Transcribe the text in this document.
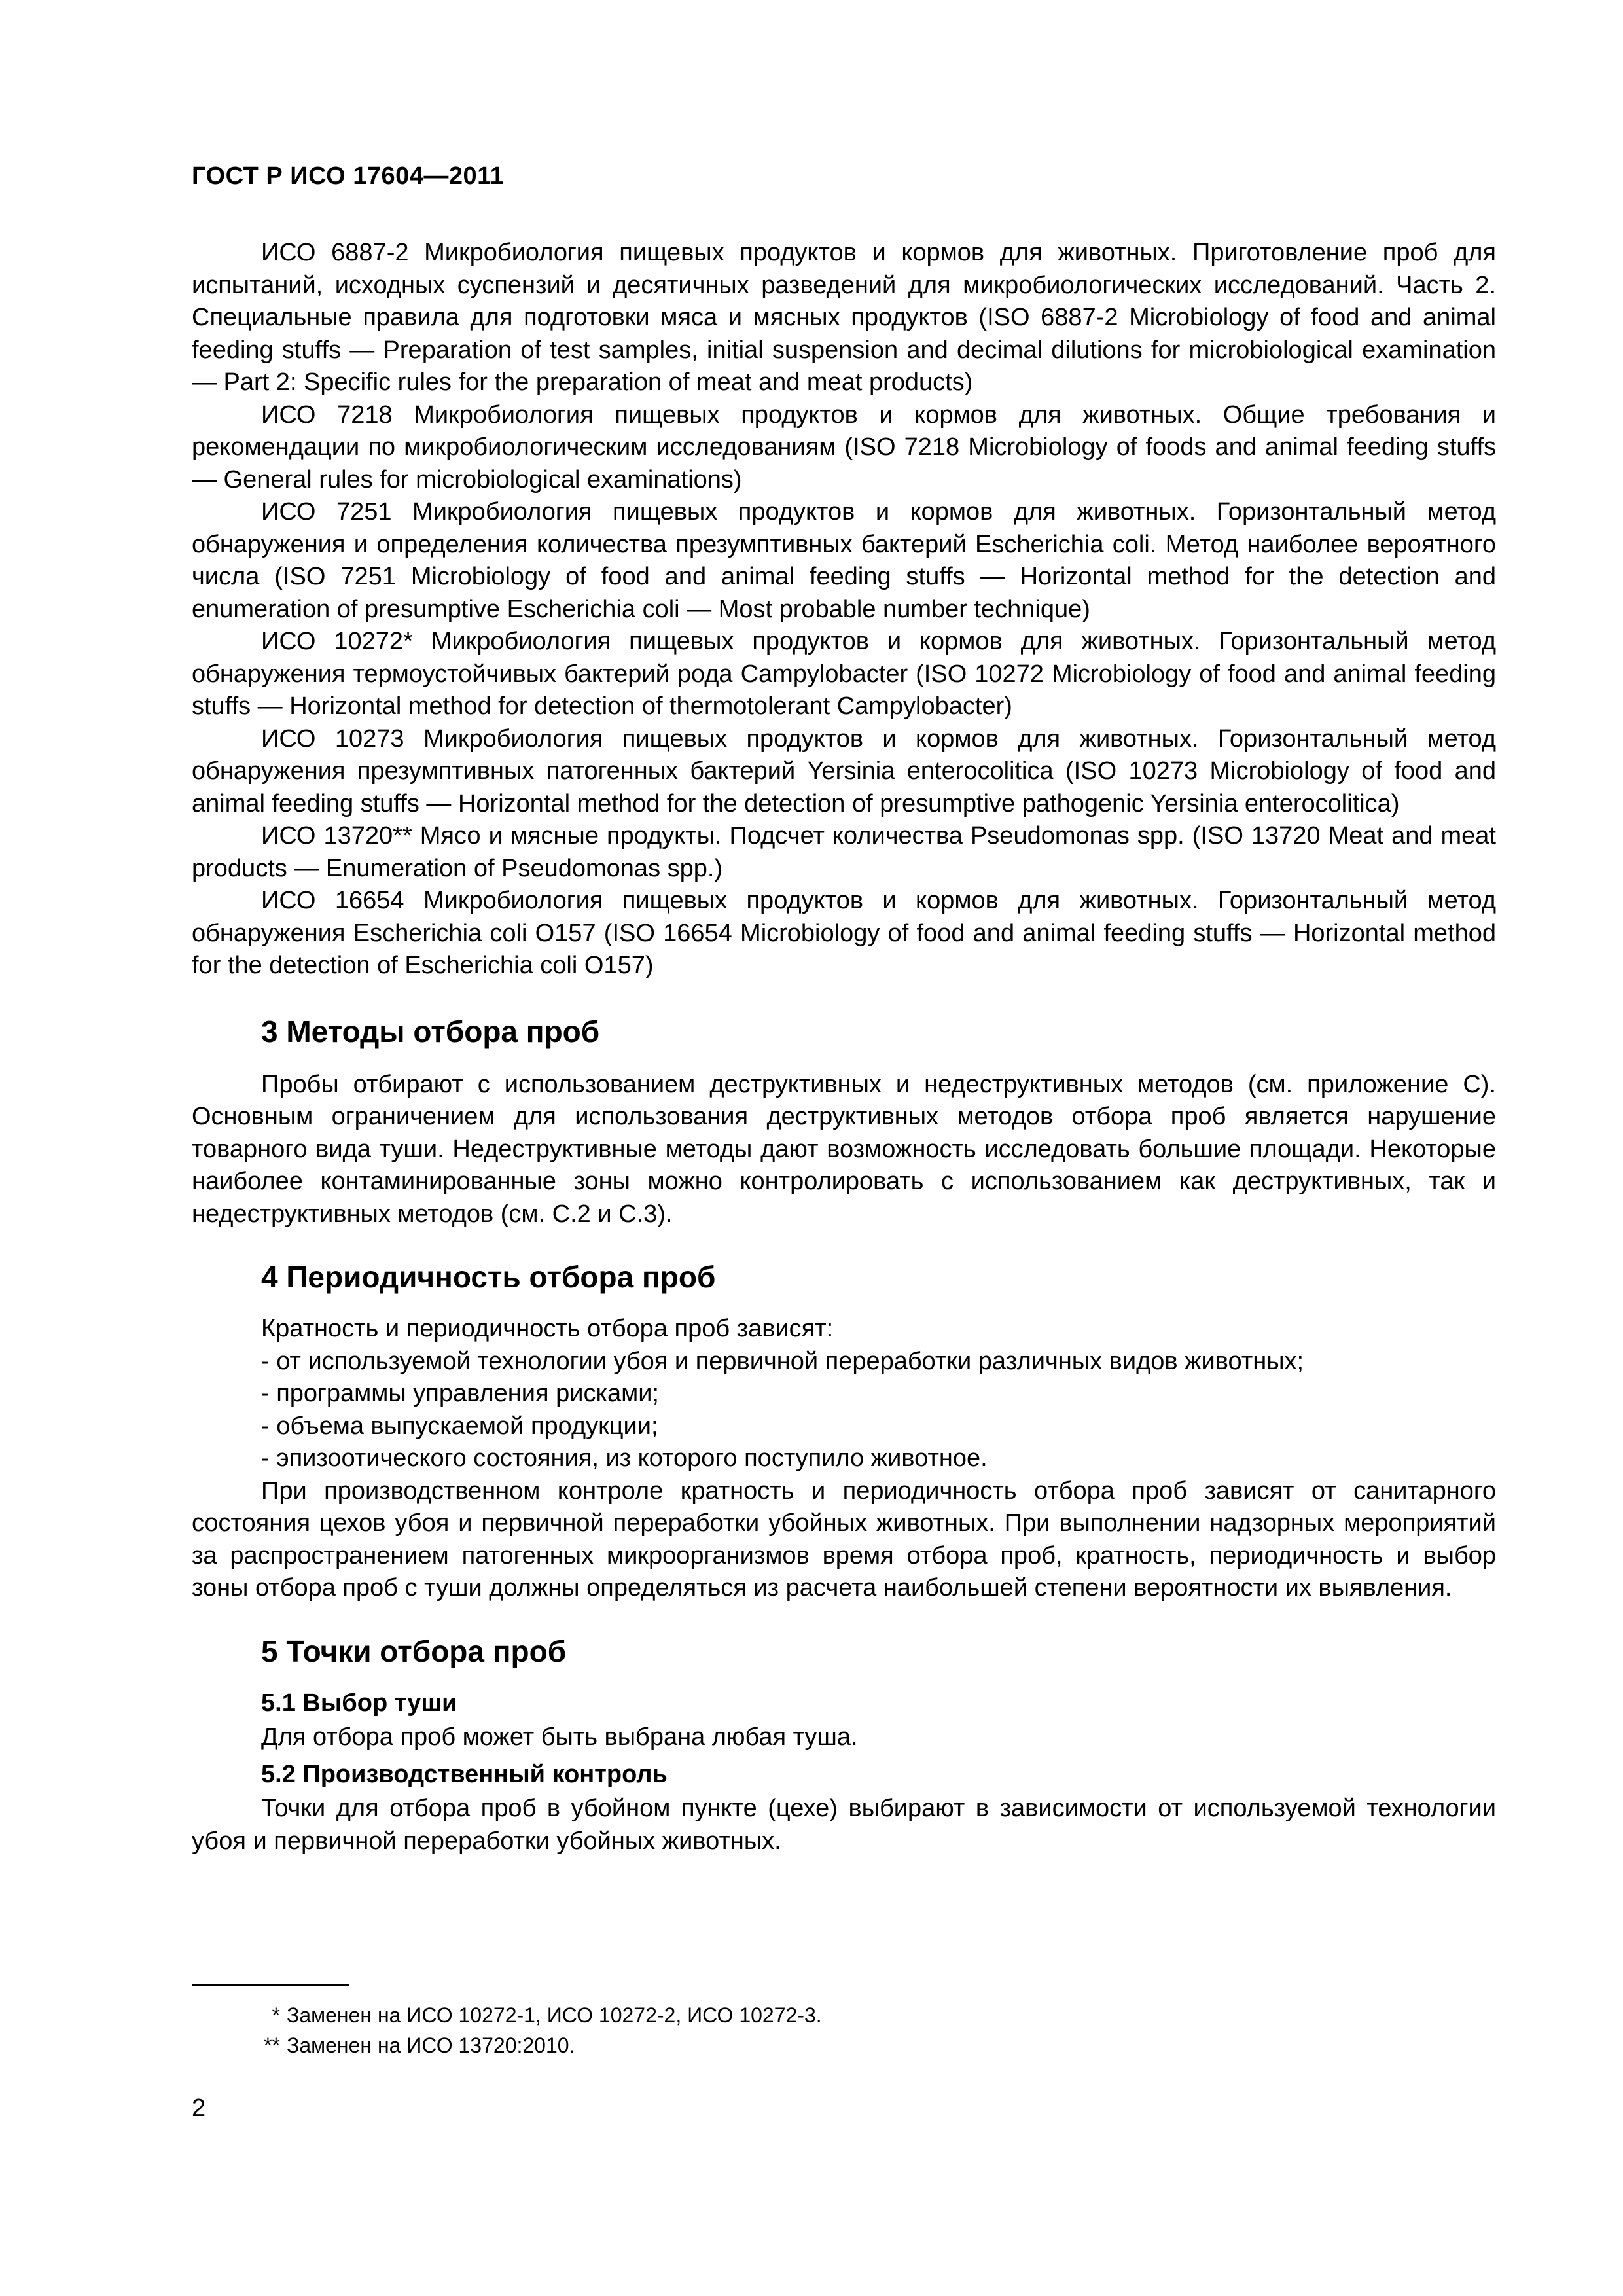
ГОСТ Р ИСО 17604—2011

ИСО 6887-2 Микробиология пищевых продуктов и кормов для животных. Приготовление проб для испытаний, исходных суспензий и десятичных разведений для микробиологических исследований. Часть 2. Специальные правила для подготовки мяса и мясных продуктов (ISO 6887-2 Microbiology of food and animal feeding stuffs — Preparation of test samples, initial suspension and decimal dilutions for microbiological examination — Part 2: Specific rules for the preparation of meat and meat products)

ИСО 7218 Микробиология пищевых продуктов и кормов для животных. Общие требования и рекомендации по микробиологическим исследованиям (ISO 7218 Microbiology of foods and animal feeding stuffs — General rules for microbiological examinations)

ИСО 7251 Микробиология пищевых продуктов и кормов для животных. Горизонтальный метод обнаружения и определения количества презумптивных бактерий Escherichia coli. Метод наиболее вероятного числа (ISO 7251 Microbiology of food and animal feeding stuffs — Horizontal method for the detection and enumeration of presumptive Escherichia coli — Most probable number technique)

ИСО 10272* Микробиология пищевых продуктов и кормов для животных. Горизонтальный метод обнаружения термоустойчивых бактерий рода Campylobacter (ISO 10272 Microbiology of food and animal feeding stuffs — Horizontal method for detection of thermotolerant Campylobacter)

ИСО 10273 Микробиология пищевых продуктов и кормов для животных. Горизонтальный метод обнаружения презумптивных патогенных бактерий Yersinia enterocolitica (ISO 10273 Microbiology of food and animal feeding stuffs — Horizontal method for the detection of presumptive pathogenic Yersinia enterocolitica)

ИСО 13720** Мясо и мясные продукты. Подсчет количества Pseudomonas spp. (ISO 13720 Meat and meat products — Enumeration of Pseudomonas spp.)

ИСО 16654 Микробиология пищевых продуктов и кормов для животных. Горизонтальный метод обнаружения Escherichia coli O157 (ISO 16654 Microbiology of food and animal feeding stuffs — Horizontal method for the detection of Escherichia coli O157)

3 Методы отбора проб

Пробы отбирают с использованием деструктивных и недеструктивных методов (см. приложение С). Основным ограничением для использования деструктивных методов отбора проб является нарушение товарного вида туши. Недеструктивные методы дают возможность исследовать большие площади. Некоторые наиболее контаминированные зоны можно контролировать с использованием как деструктивных, так и недеструктивных методов (см. С.2 и С.3).

4 Периодичность отбора проб

Кратность и периодичность отбора проб зависят:

- от используемой технологии убоя и первичной переработки различных видов животных;
- программы управления рисками;
- объема выпускаемой продукции;
- эпизоотического состояния, из которого поступило животное.

При производственном контроле кратность и периодичность отбора проб зависят от санитарного состояния цехов убоя и первичной переработки убойных животных. При выполнении надзорных мероприятий за распространением патогенных микроорганизмов время отбора проб, кратность, периодичность и выбор зоны отбора проб с туши должны определяться из расчета наибольшей степени вероятности их выявления.

5 Точки отбора проб
5.1 Выбор туши

Для отбора проб может быть выбрана любая туша.

5.2 Производственный контроль

Точки для отбора проб в убойном пункте (цехе) выбирают в зависимости от используемой технологии убоя и первичной переработки убойных животных.

* Заменен на ИСО 10272-1, ИСО 10272-2, ИСО 10272-3.
** Заменен на ИСО 13720:2010.
2
